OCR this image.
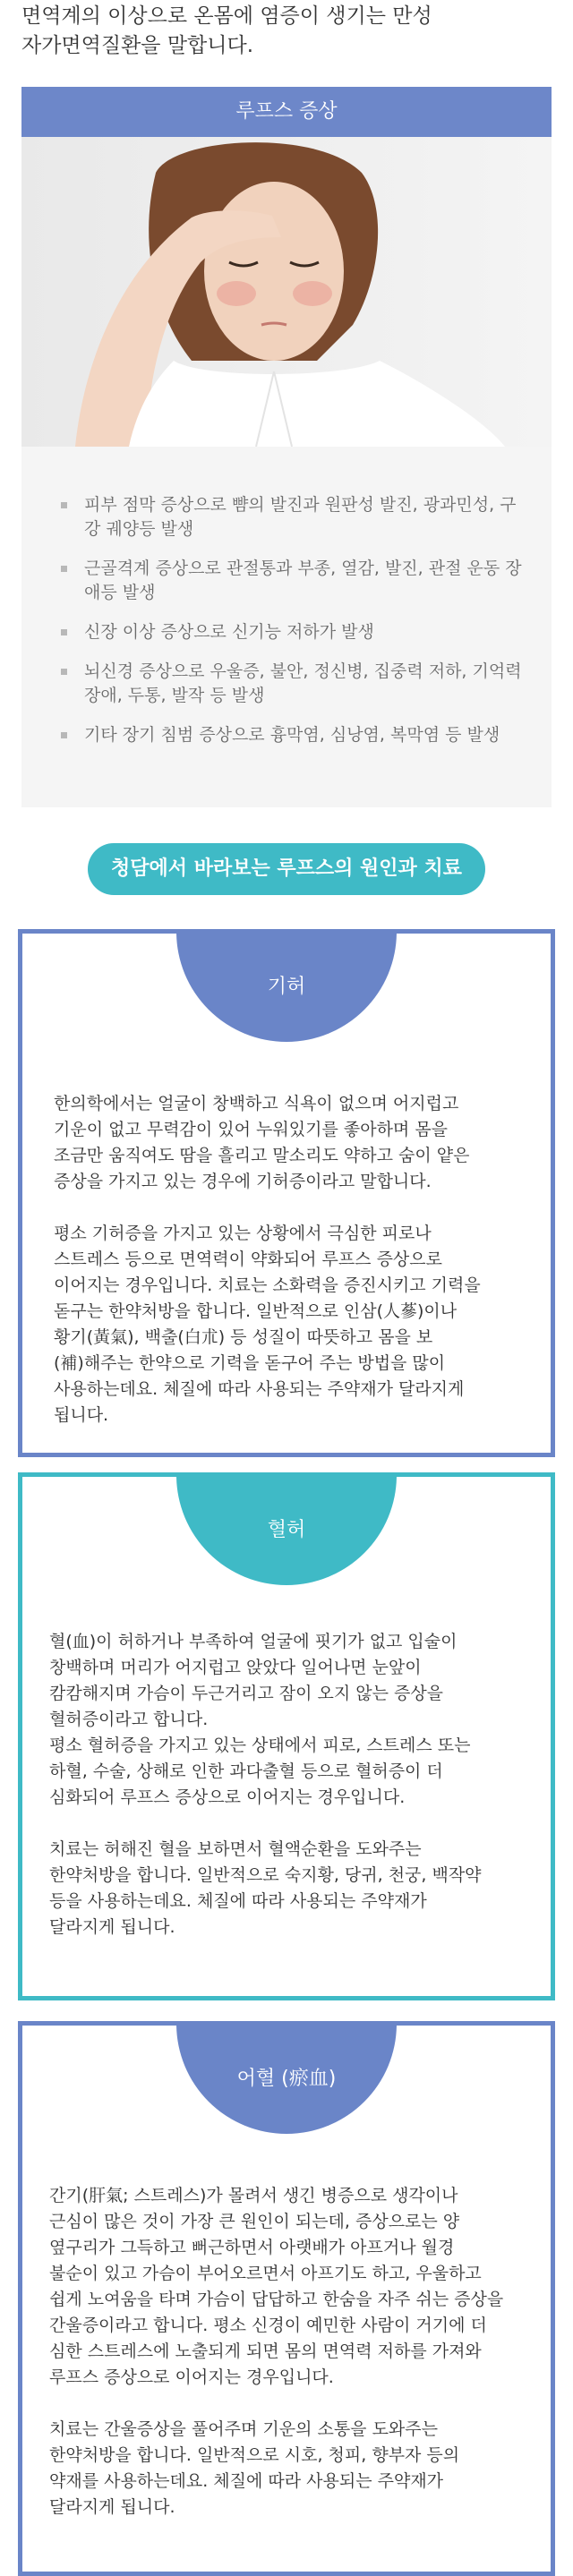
면역계의 이상으로 온몸에 염증이 생기는 만성
자가면역질환을 말합니다.
루프스 증상
피부 점막 증상으로 뺨의 발진과 원판성 발진, 광과민성, 구강 궤양등 발생
근골격계 증상으로 관절통과 부종, 열감, 발진, 관절 운동 장애등 발생
신장 이상 증상으로 신기능 저하가 발생
뇌신경 증상으로 우울증, 불안, 정신병, 집중력 저하, 기억력 장애, 두통, 발작 등 발생
기타 장기 침범 증상으로 흉막염, 심낭염, 복막염 등 발생
청담에서 바라보는 루프스의 원인과 치료
기허

한의학에서는 얼굴이 창백하고 식욕이 없으며 어지럽고
기운이 없고 무력감이 있어 누워있기를 좋아하며 몸을
조금만 움직여도 땀을 흘리고 말소리도 약하고 숨이 얕은
증상을 가지고 있는 경우에 기허증이라고 말합니다.

평소 기허증을 가지고 있는 상황에서 극심한 피로나
스트레스 등으로 면역력이 약화되어 루프스 증상으로
이어지는 경우입니다. 치료는 소화력을 증진시키고 기력을
돋구는 한약처방을 합니다. 일반적으로 인삼(人蔘)이나
황기(黃氣), 백출(白朮) 등 성질이 따뜻하고 몸을 보
(補)해주는 한약으로 기력을 돋구어 주는 방법을 많이
사용하는데요. 체질에 따라 사용되는 주약재가 달라지게
됩니다.

혈허

혈(血)이 허하거나 부족하여 얼굴에 핏기가 없고 입술이
창백하며 머리가 어지럽고 앉았다 일어나면 눈앞이
캄캄해지며 가슴이 두근거리고 잠이 오지 않는 증상을
혈허증이라고 합니다.
평소 혈허증을 가지고 있는 상태에서 피로, 스트레스 또는
하혈, 수술, 상해로 인한 과다출혈 등으로 혈허증이 더
심화되어 루프스 증상으로 이어지는 경우입니다.

치료는 허해진 혈을 보하면서 혈액순환을 도와주는
한약처방을 합니다. 일반적으로 숙지황, 당귀, 천궁, 백작약
등을 사용하는데요. 체질에 따라 사용되는 주약재가
달라지게 됩니다.

어혈 (瘀血)

간기(肝氣; 스트레스)가 몰려서 생긴 병증으로 생각이나
근심이 많은 것이 가장 큰 원인이 되는데, 증상으로는 양
옆구리가 그득하고 뻐근하면서 아랫배가 아프거나 월경
불순이 있고 가슴이 부어오르면서 아프기도 하고, 우울하고
쉽게 노여움을 타며 가슴이 답답하고 한숨을 자주 쉬는 증상을
간울증이라고 합니다. 평소 신경이 예민한 사람이 거기에 더
심한 스트레스에 노출되게 되면 몸의 면역력 저하를 가져와
루프스 증상으로 이어지는 경우입니다.

치료는 간울증상을 풀어주며 기운의 소통을 도와주는
한약처방을 합니다. 일반적으로 시호, 청피, 향부자 등의
약재를 사용하는데요. 체질에 따라 사용되는 주약재가
달라지게 됩니다.
